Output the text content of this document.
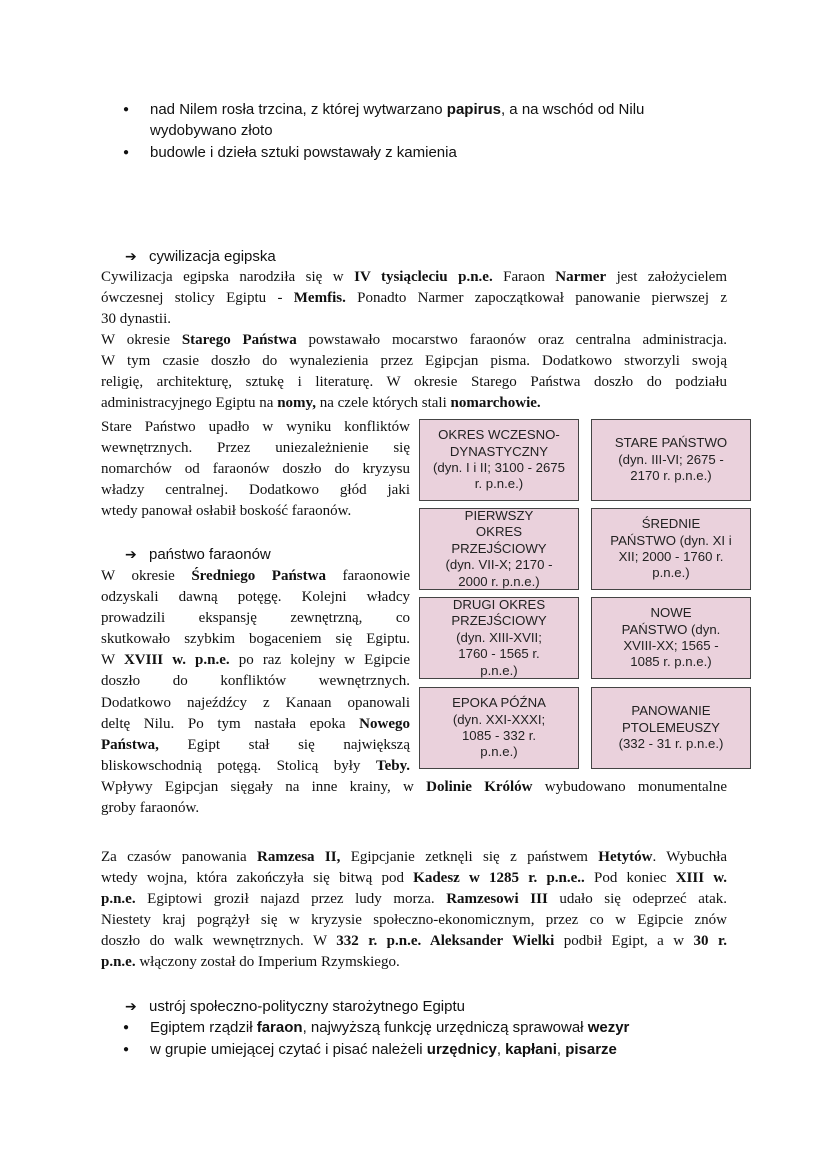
●	nad Nilem rosła trzcina, z której wytwarzano papirus, a na wschód od Nilu
wydobywano złoto
●	budowle i dzieła sztuki powstawały z kamienia
➔ cywilizacja egipska
Cywilizacja egipska narodziła się w IV tysiącleciu p.n.e. Faraon Narmer jest założycielem
ówczesnej stolicy Egiptu - Memfis. Ponadto Narmer zapoczątkował panowanie pierwszej z
30 dynastii.
W okresie Starego Państwa powstawało mocarstwo faraonów oraz centralna administracja.
W tym czasie doszło do wynalezienia przez Egipcjan pisma. Dodatkowo stworzyli swoją
religię, architekturę, sztukę i literaturę. W okresie Starego Państwa doszło do podziału
administracyjnego Egiptu na nomy, na czele których stali nomarchowie.
Stare Państwo upadło w wyniku konfliktów
wewnętrznych. Przez uniezależnienie się
nomarchów od faraonów doszło do kryzysu
władzy centralnej. Dodatkowo głód jaki
wtedy panował osłabił boskość faraonów.
➔ państwo faraonów
W okresie Średniego Państwa faraonowie
odzyskali dawną potęgę. Kolejni władcy
prowadzili ekspansję zewnętrzną, co
skutkowało szybkim bogaceniem się Egiptu.
W XVIII w. p.n.e. po raz kolejny w Egipcie
doszło do konfliktów wewnętrznych.
Dodatkowo najeźdźcy z Kanaan opanowali
deltę Nilu. Po tym nastała epoka Nowego
Państwa, Egipt stał się największą
bliskowschodnią potęgą. Stolicą były Teby.
Wpływy Egipcjan sięgały na inne krainy, w Dolinie Królów wybudowano monumentalne
groby faraonów.
OKRES WCZESNO-
DYNASTYCZNY
(dyn. I i II; 3100 - 2675
r. p.n.e.)
STARE PAŃSTWO
(dyn. III-VI; 2675 -
2170 r. p.n.e.)
PIERWSZY
OKRES
PRZEJŚCIOWY
(dyn. VII-X; 2170 -
2000 r. p.n.e.)
ŚREDNIE
PAŃSTWO (dyn. XI i
XII; 2000 - 1760 r.
p.n.e.)
DRUGI OKRES
PRZEJŚCIOWY
(dyn. XIII-XVII;
1760 - 1565 r.
p.n.e.)
NOWE
PAŃSTWO (dyn.
XVIII-XX; 1565 -
1085 r. p.n.e.)
EPOKA PÓŹNA
(dyn. XXI-XXXI;
1085 - 332 r.
p.n.e.)
PANOWANIE
PTOLEMEUSZY
(332 - 31 r. p.n.e.)
Za czasów panowania Ramzesa II, Egipcjanie zetknęli się z państwem Hetytów. Wybuchła
wtedy wojna, która zakończyła się bitwą pod Kadesz w 1285 r. p.n.e.. Pod koniec XIII w.
p.n.e. Egiptowi groził najazd przez ludy morza. Ramzesowi III udało się odeprzeć atak.
Niestety kraj pogrążył się w kryzysie społeczno-ekonomicznym, przez co w Egipcie znów
doszło do walk wewnętrznych. W 332 r. p.n.e. Aleksander Wielki podbił Egipt, a w 30 r.
p.n.e. włączony został do Imperium Rzymskiego.
➔ ustrój społeczno-polityczny starożytnego Egiptu
●	Egiptem rządził faraon, najwyższą funkcję urzędniczą sprawował wezyr
●	w grupie umiejącej czytać i pisać należeli urzędnicy, kapłani, pisarze
